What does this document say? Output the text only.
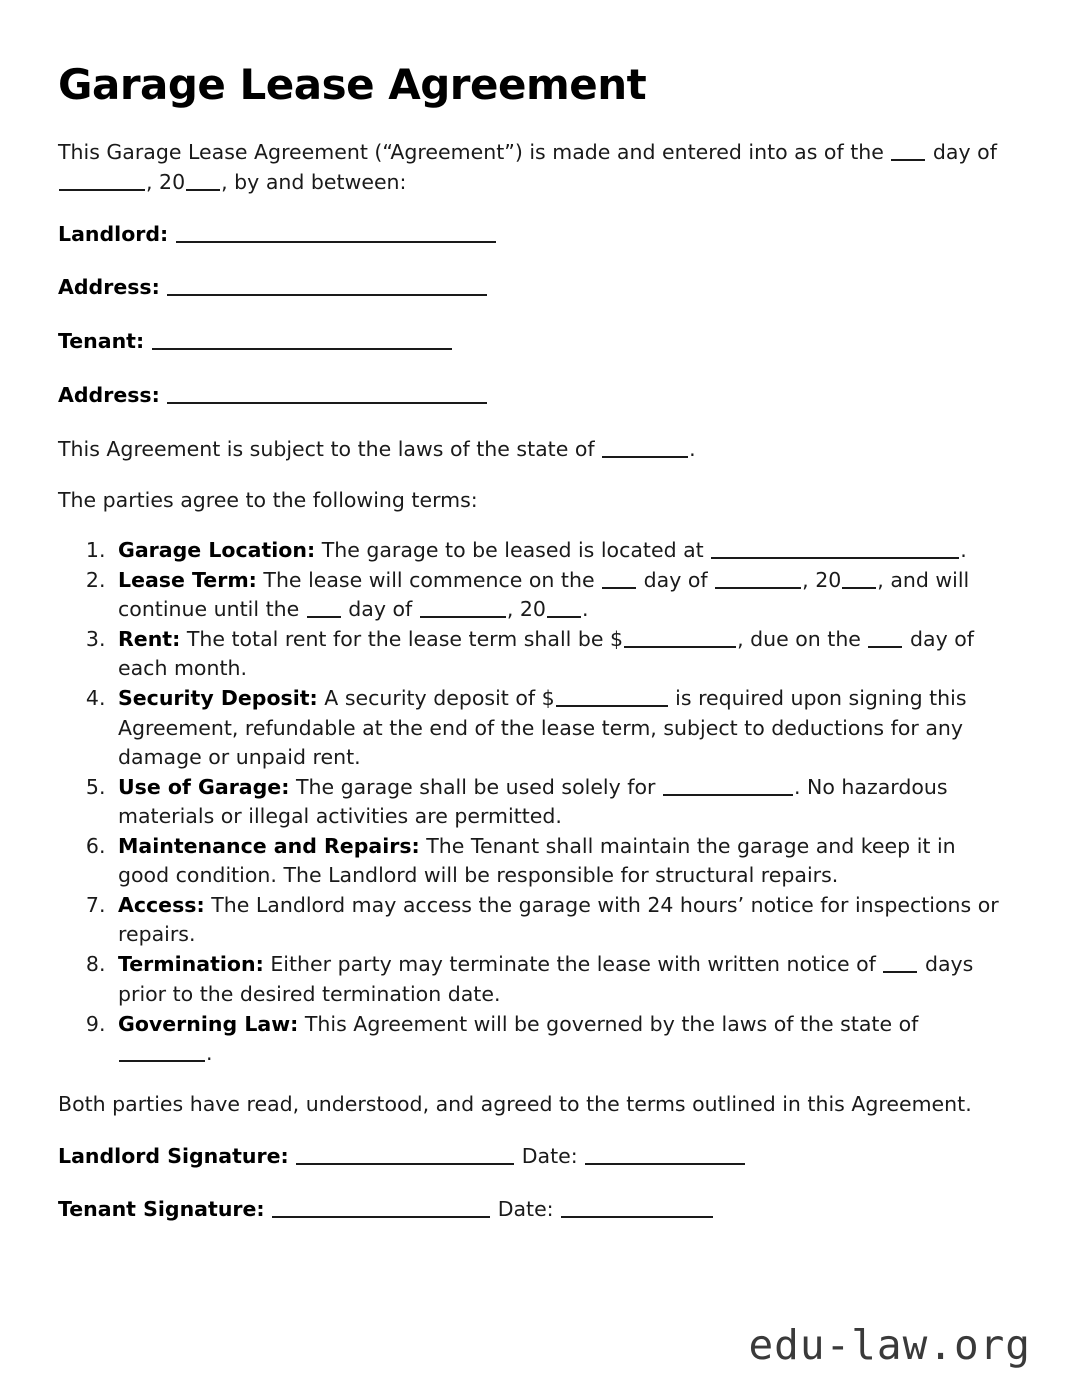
Garage Lease Agreement

This Garage Lease Agreement (“Agreement”) is made and entered into as of the day of , 20 , by and between:

Landlord:
Address:
Tenant:
Address:

This Agreement is subject to the laws of the state of	.

The parties agree to the following terms:

1. Garage Location: The garage to be leased is located at	.
2. Lease Term: The lease will commence on the day of	, 20 , and will continue until the day of	, 20 .
3. Rent: The total rent for the lease term shall be $	, due on the day of each month.
4. Security Deposit: A security deposit of $	is required upon signing this Agreement, refundable at the end of the lease term, subject to deductions for any damage or unpaid rent.
5. Use of Garage: The garage shall be used solely for	. No hazardous materials or illegal activities are permitted.
6. Maintenance and Repairs: The Tenant shall maintain the garage and keep it in good condition. The Landlord will be responsible for structural repairs.
7. Access: The Landlord may access the garage with 24 hours’ notice for inspections or repairs.
8. Termination: Either party may terminate the lease with written notice of days prior to the desired termination date.
9. Governing Law: This Agreement will be governed by the laws of the state of .

Both parties have read, understood, and agreed to the terms outlined in this Agreement.

Landlord Signature:	Date:
Tenant Signature:	Date:
edu-law.org
